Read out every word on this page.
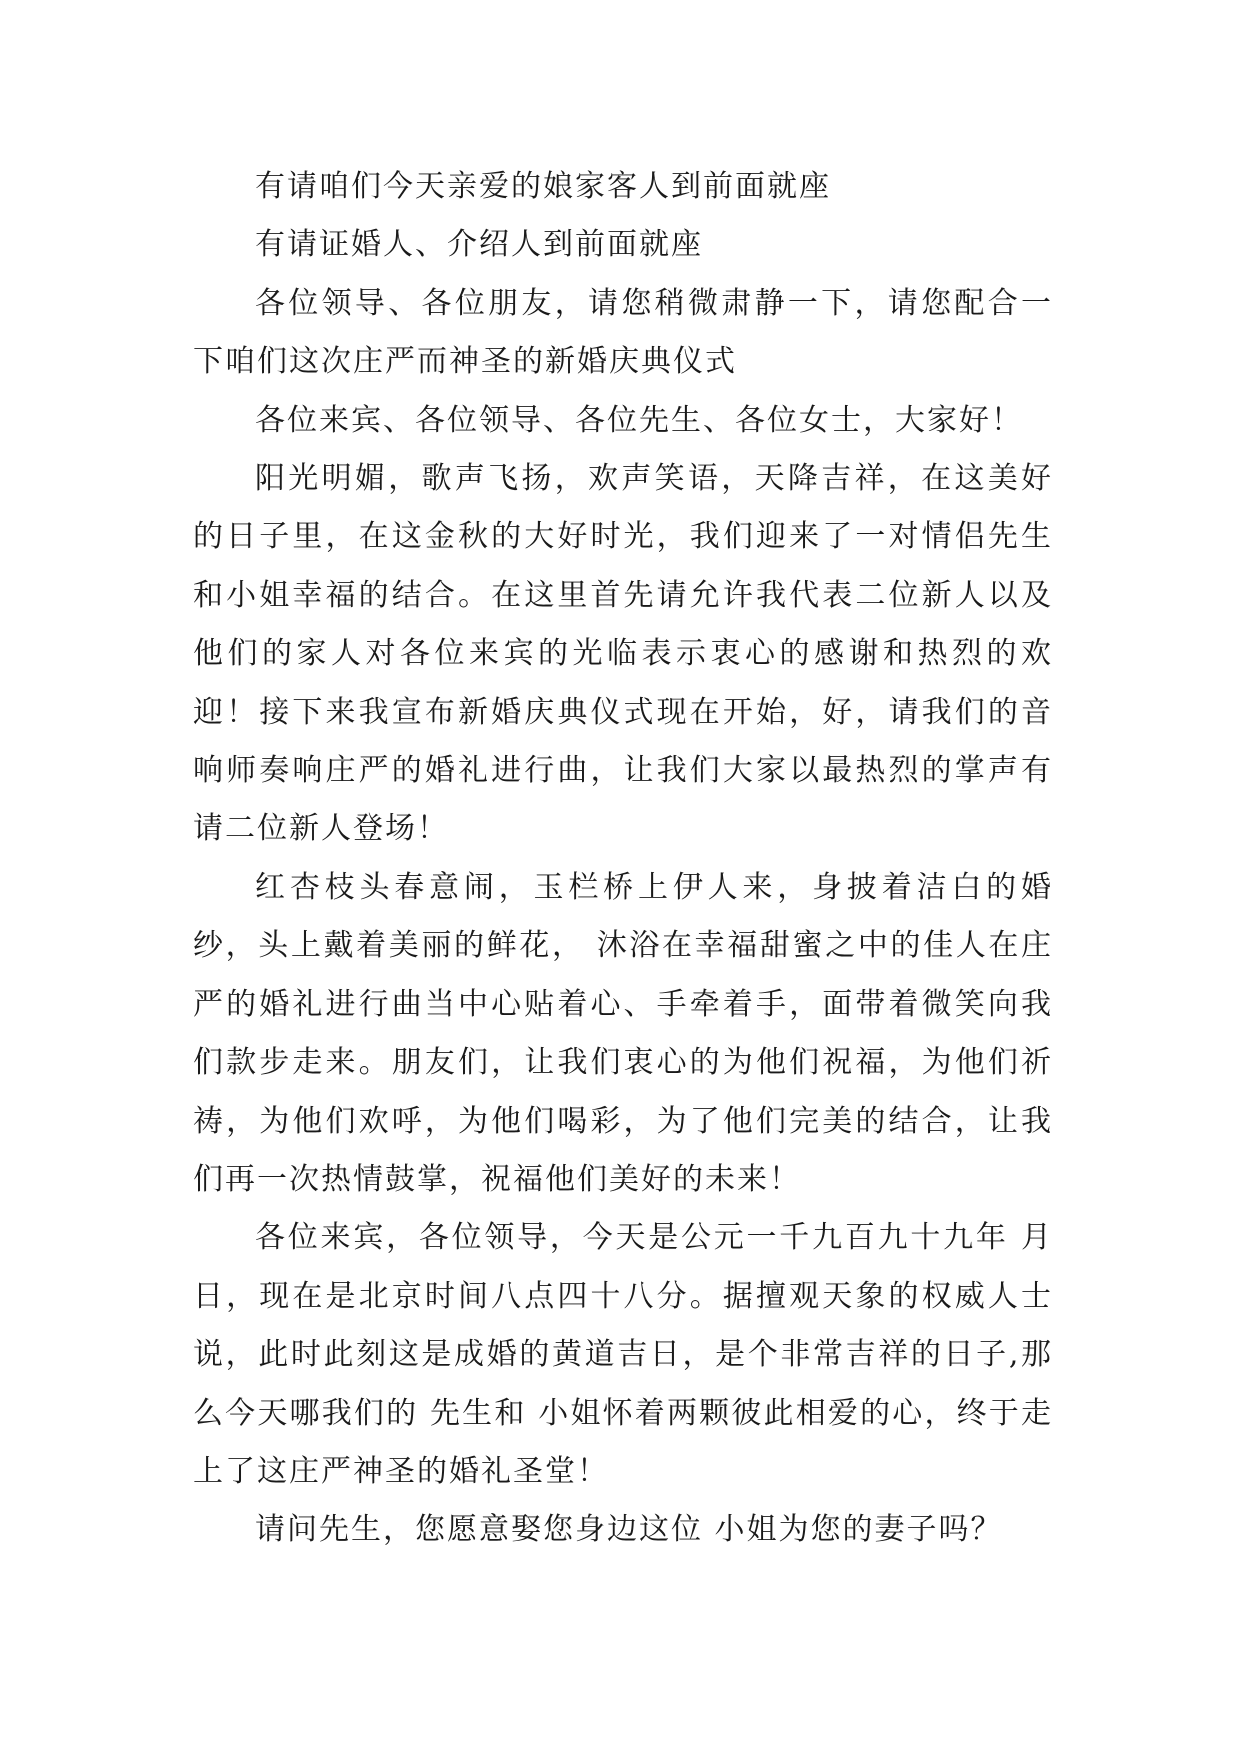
有请咱们今天亲爱的娘家客人到前面就座

有请证婚人、介绍人到前面就座

各位领导、各位朋友，请您稍微肃静一下，请您配合一下咱们这次庄严而神圣的新婚庆典仪式

各位来宾、各位领导、各位先生、各位女士，大家好！

阳光明媚，歌声飞扬，欢声笑语，天降吉祥，在这美好的日子里，在这金秋的大好时光，我们迎来了一对情侣先生和小姐幸福的结合。在这里首先请允许我代表二位新人以及他们的家人对各位来宾的光临表示衷心的感谢和热烈的欢迎！接下来我宣布新婚庆典仪式现在开始，好，请我们的音响师奏响庄严的婚礼进行曲，让我们大家以最热烈的掌声有请二位新人登场！

红杏枝头春意闹，玉栏桥上伊人来，身披着洁白的婚纱，头上戴着美丽的鲜花， 沐浴在幸福甜蜜之中的佳人在庄严的婚礼进行曲当中心贴着心、手牵着手，面带着微笑向我们款步走来。朋友们，让我们衷心的为他们祝福，为他们祈祷，为他们欢呼，为他们喝彩，为了他们完美的结合，让我们再一次热情鼓掌，祝福他们美好的未来！

各位来宾，各位领导，今天是公元一千九百九十九年 月 日，现在是北京时间八点四十八分。据擅观天象的权威人士说，此时此刻这是成婚的黄道吉日，是个非常吉祥的日子,那么今天哪我们的 先生和 小姐怀着两颗彼此相爱的心，终于走上了这庄严神圣的婚礼圣堂！

请问先生，您愿意娶您身边这位 小姐为您的妻子吗？
